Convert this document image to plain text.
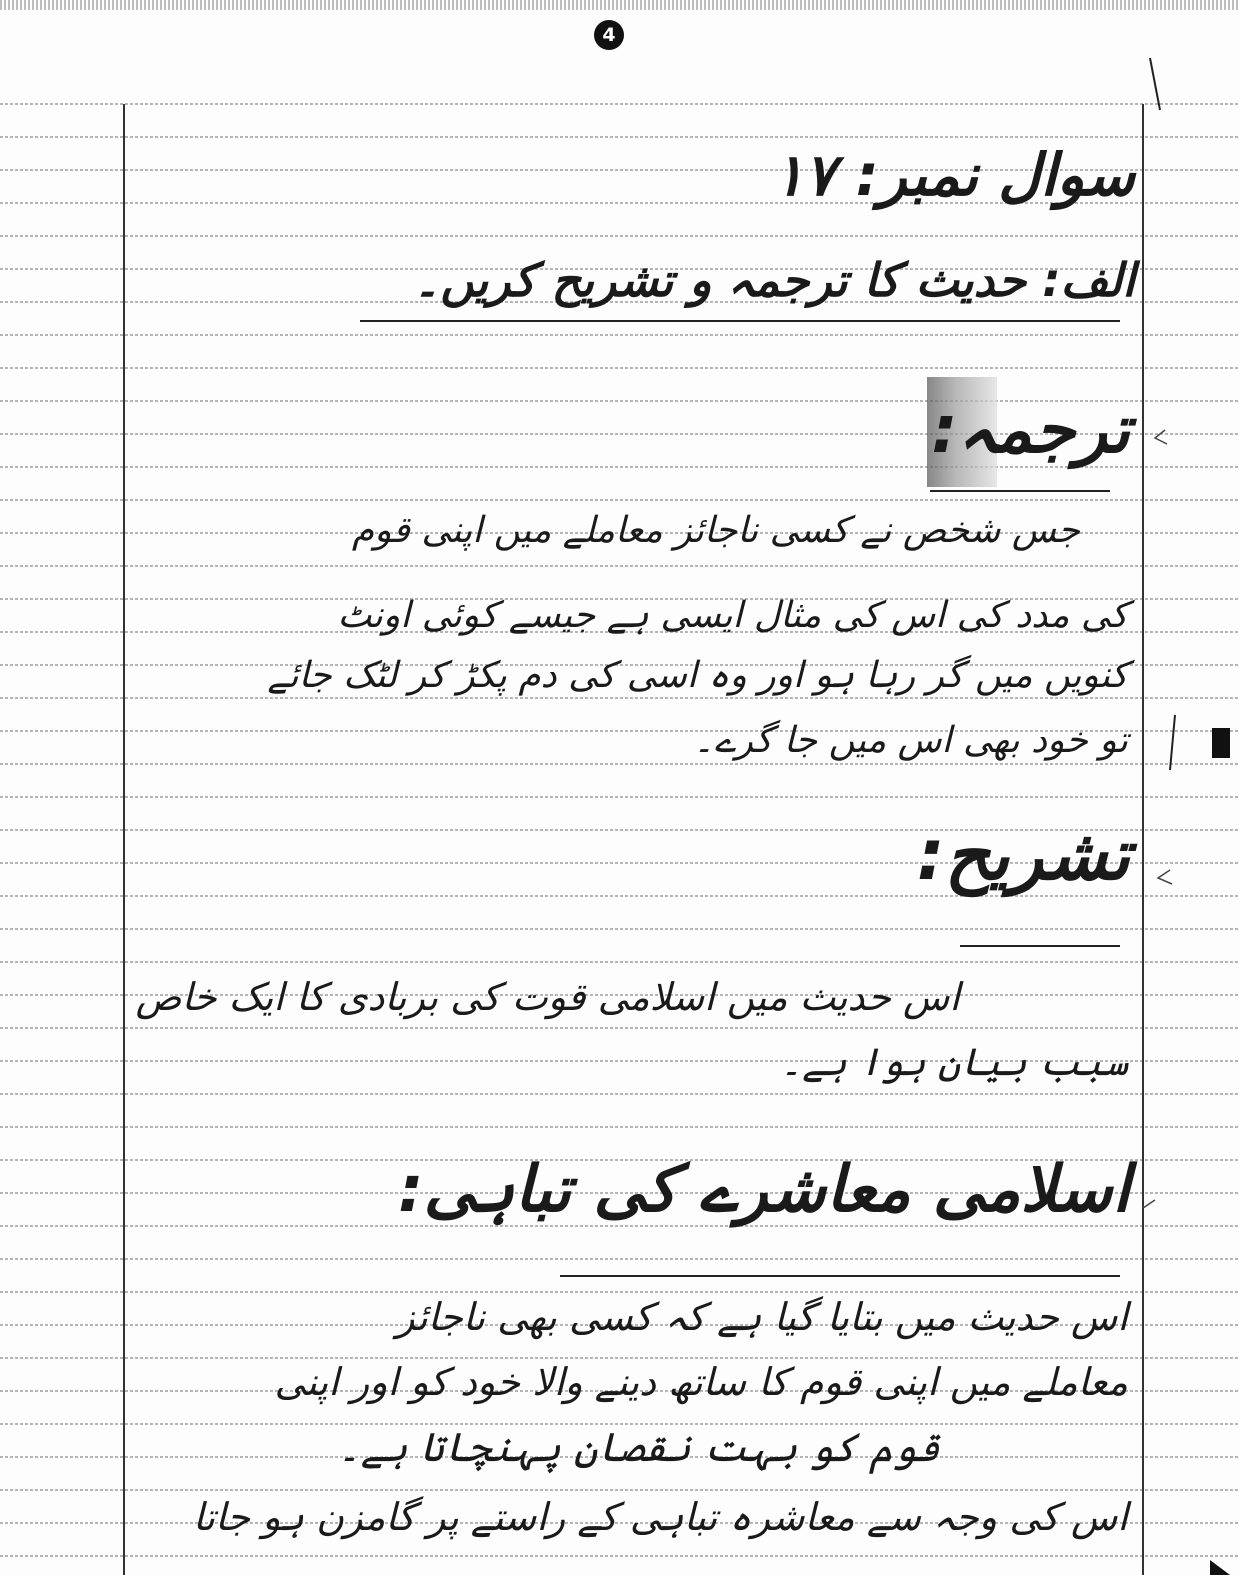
4
سوال نمبر: ۱۷
الف: حدیث کا ترجمہ و تشریح کریں۔
ترجمہ:
جس شخص نے کسی ناجائز معاملے میں اپنی قوم
کی مدد کی اس کی مثال ایسی ہے جیسے کوئی اونٹ
کنویں میں گر رہا ہو اور وہ اسی کی دم پکڑ کر لٹک جائے
تو خود بھی اس میں جا گرے۔
تشریح:
اس حدیث میں اسلامی قوت کی بربادی کا ایک خاص
سبب بیان ہوا ہے۔
اسلامی معاشرے کی تباہی:
اس حدیث میں بتایا گیا ہے کہ کسی بھی ناجائز
معاملے میں اپنی قوم کا ساتھ دینے والا خود کو اور اپنی
قوم کو بہت نقصان پہنچاتا ہے۔
اس کی وجہ سے معاشرہ تباہی کے راستے پر گامزن ہو جاتا
